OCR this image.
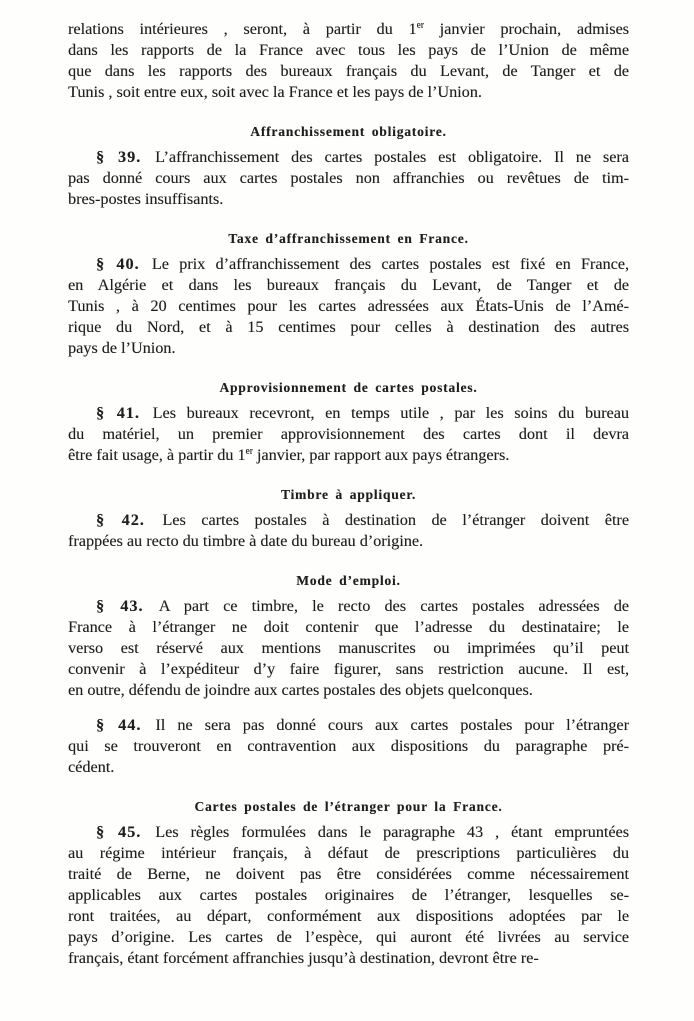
relations intérieures , seront, à partir du 1er janvier prochain, admises
dans les rapports de la France avec tous les pays de l’Union de même
que dans les rapports des bureaux français du Levant, de Tanger et de
Tunis , soit entre eux, soit avec la France et les pays de l’Union.
Affranchissement obligatoire.
§ 39. L’affranchissement des cartes postales est obligatoire. Il ne sera
pas donné cours aux cartes postales non affranchies ou revêtues de tim-
bres-postes insuffisants.
Taxe d’affranchissement en France.
§ 40. Le prix d’affranchissement des cartes postales est fixé en France,
en Algérie et dans les bureaux français du Levant, de Tanger et de
Tunis , à 20 centimes pour les cartes adressées aux États-Unis de l’Amé-
rique du Nord, et à 15 centimes pour celles à destination des autres
pays de l’Union.
Approvisionnement de cartes postales.
§ 41. Les bureaux recevront, en temps utile , par les soins du bureau
du matériel, un premier approvisionnement des cartes dont il devra
être fait usage, à partir du 1er janvier, par rapport aux pays étrangers.
Timbre à appliquer.
§ 42. Les cartes postales à destination de l’étranger doivent être
frappées au recto du timbre à date du bureau d’origine.
Mode d’emploi.
§ 43. A part ce timbre, le recto des cartes postales adressées de
France à l’étranger ne doit contenir que l’adresse du destinataire; le
verso est réservé aux mentions manuscrites ou imprimées qu’il peut
convenir à l’expéditeur d’y faire figurer, sans restriction aucune. Il est,
en outre, défendu de joindre aux cartes postales des objets quelconques.
§ 44. Il ne sera pas donné cours aux cartes postales pour l’étranger
qui se trouveront en contravention aux dispositions du paragraphe pré-
cédent.
Cartes postales de l’étranger pour la France.
§ 45. Les règles formulées dans le paragraphe 43 , étant empruntées
au régime intérieur français, à défaut de prescriptions particulières du
traité de Berne, ne doivent pas être considérées comme nécessairement
applicables aux cartes postales originaires de l’étranger, lesquelles se-
ront traitées, au départ, conformément aux dispositions adoptées par le
pays d’origine. Les cartes de l’espèce, qui auront été livrées au service
français, étant forcément affranchies jusqu’à destination, devront être re-
